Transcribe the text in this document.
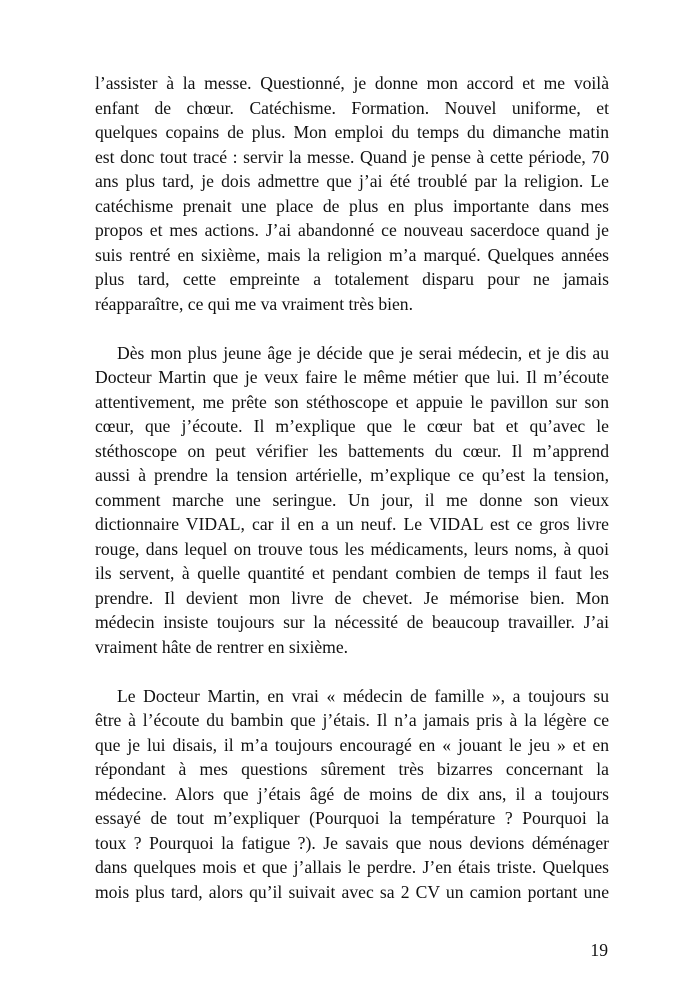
l’assister à la messe. Questionné, je donne mon accord et me voilà
enfant de chœur. Catéchisme. Formation. Nouvel uniforme, et
quelques copains de plus. Mon emploi du temps du dimanche matin
est donc tout tracé : servir la messe. Quand je pense à cette période, 70
ans plus tard, je dois admettre que j’ai été troublé par la religion. Le
catéchisme prenait une place de plus en plus importante dans mes
propos et mes actions. J’ai abandonné ce nouveau sacerdoce quand je
suis rentré en sixième, mais la religion m’a marqué. Quelques années
plus tard, cette empreinte a totalement disparu pour ne jamais
réapparaître, ce qui me va vraiment très bien.
Dès mon plus jeune âge je décide que je serai médecin, et je dis au
Docteur Martin que je veux faire le même métier que lui. Il m’écoute
attentivement, me prête son stéthoscope et appuie le pavillon sur son
cœur, que j’écoute. Il m’explique que le cœur bat et qu’avec le
stéthoscope on peut vérifier les battements du cœur. Il m’apprend
aussi à prendre la tension artérielle, m’explique ce qu’est la tension,
comment marche une seringue. Un jour, il me donne son vieux
dictionnaire VIDAL, car il en a un neuf. Le VIDAL est ce gros livre
rouge, dans lequel on trouve tous les médicaments, leurs noms, à quoi
ils servent, à quelle quantité et pendant combien de temps il faut les
prendre. Il devient mon livre de chevet. Je mémorise bien. Mon
médecin insiste toujours sur la nécessité de beaucoup travailler. J’ai
vraiment hâte de rentrer en sixième.
Le Docteur Martin, en vrai « médecin de famille », a toujours su
être à l’écoute du bambin que j’étais. Il n’a jamais pris à la légère ce
que je lui disais, il m’a toujours encouragé en « jouant le jeu » et en
répondant à mes questions sûrement très bizarres concernant la
médecine. Alors que j’étais âgé de moins de dix ans, il a toujours
essayé de tout m’expliquer (Pourquoi la température ? Pourquoi la
toux ? Pourquoi la fatigue ?). Je savais que nous devions déménager
dans quelques mois et que j’allais le perdre. J’en étais triste. Quelques
mois plus tard, alors qu’il suivait avec sa 2 CV un camion portant une
19
